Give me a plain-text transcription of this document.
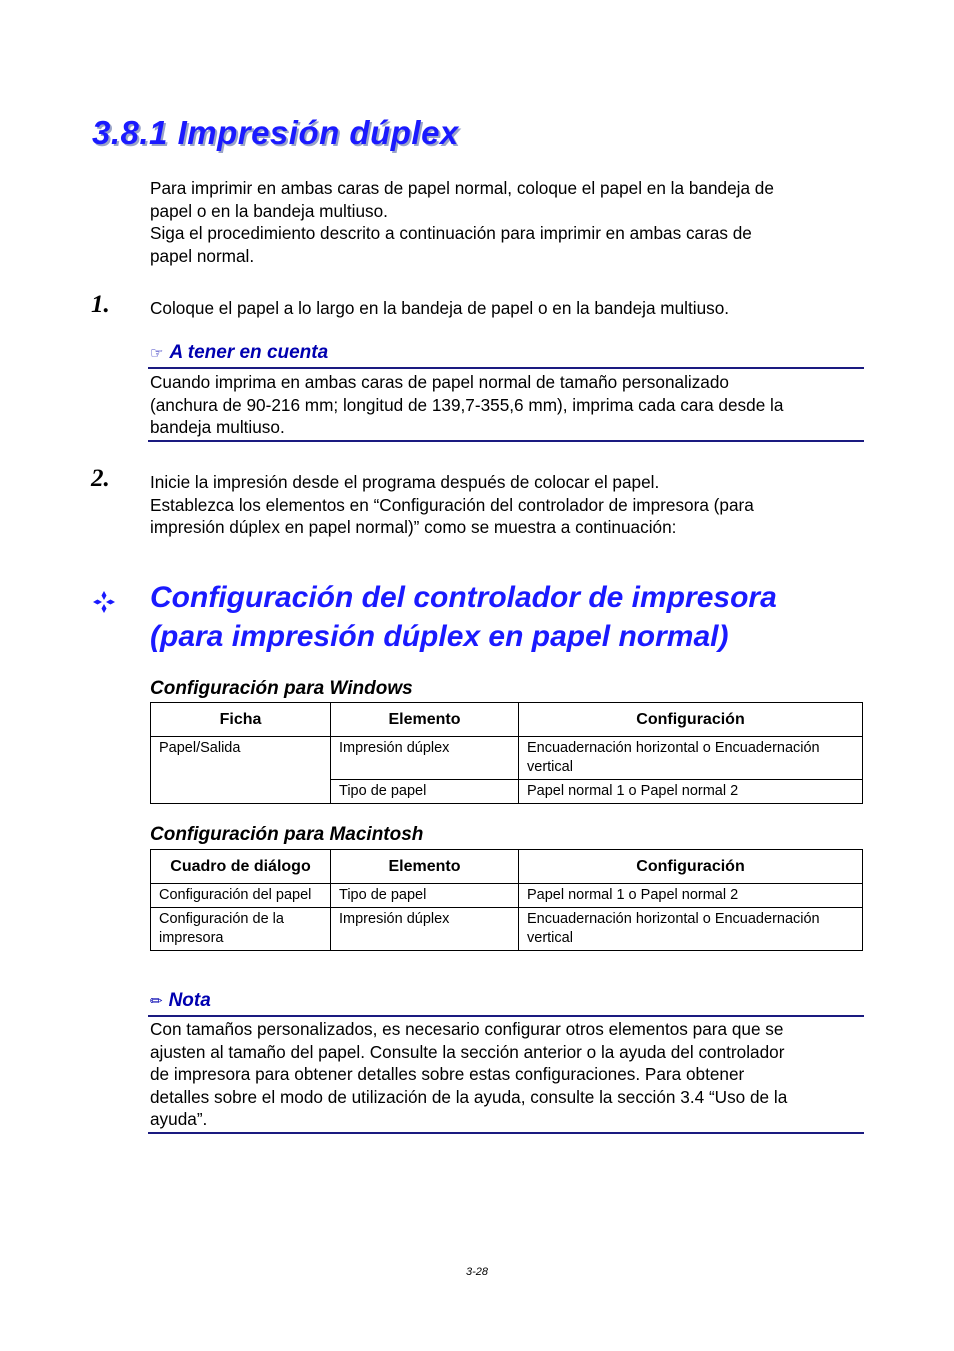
3.8.1 Impresión dúplex
Para imprimir en ambas caras de papel normal, coloque el papel en la bandeja de
papel o en la bandeja multiuso.
Siga el procedimiento descrito a continuación para imprimir en ambas caras de
papel normal.
1. Coloque el papel a lo largo en la bandeja de papel o en la bandeja multiuso.
☞ A tener en cuenta
Cuando imprima en ambas caras de papel normal de tamaño personalizado
(anchura de 90-216 mm; longitud de 139,7-355,6 mm), imprima cada cara desde la
bandeja multiuso.
2. Inicie la impresión desde el programa después de colocar el papel.
Establezca los elementos en “Configuración del controlador de impresora (para
impresión dúplex en papel normal)” como se muestra a continuación:
Configuración del controlador de impresora
(para impresión dúplex en papel normal)
Configuración para Windows
Ficha	Elemento	Configuración
Papel/Salida	Impresión dúplex	Encuadernación horizontal o Encuadernación vertical
	Tipo de papel	Papel normal 1 o Papel normal 2
Configuración para Macintosh
Cuadro de diálogo	Elemento	Configuración
Configuración del papel	Tipo de papel	Papel normal 1 o Papel normal 2
Configuración de la impresora	Impresión dúplex	Encuadernación horizontal o Encuadernación vertical
✏ Nota
Con tamaños personalizados, es necesario configurar otros elementos para que se
ajusten al tamaño del papel. Consulte la sección anterior o la ayuda del controlador
de impresora para obtener detalles sobre estas configuraciones. Para obtener
detalles sobre el modo de utilización de la ayuda, consulte la sección 3.4 “Uso de la
ayuda”.
3-28
